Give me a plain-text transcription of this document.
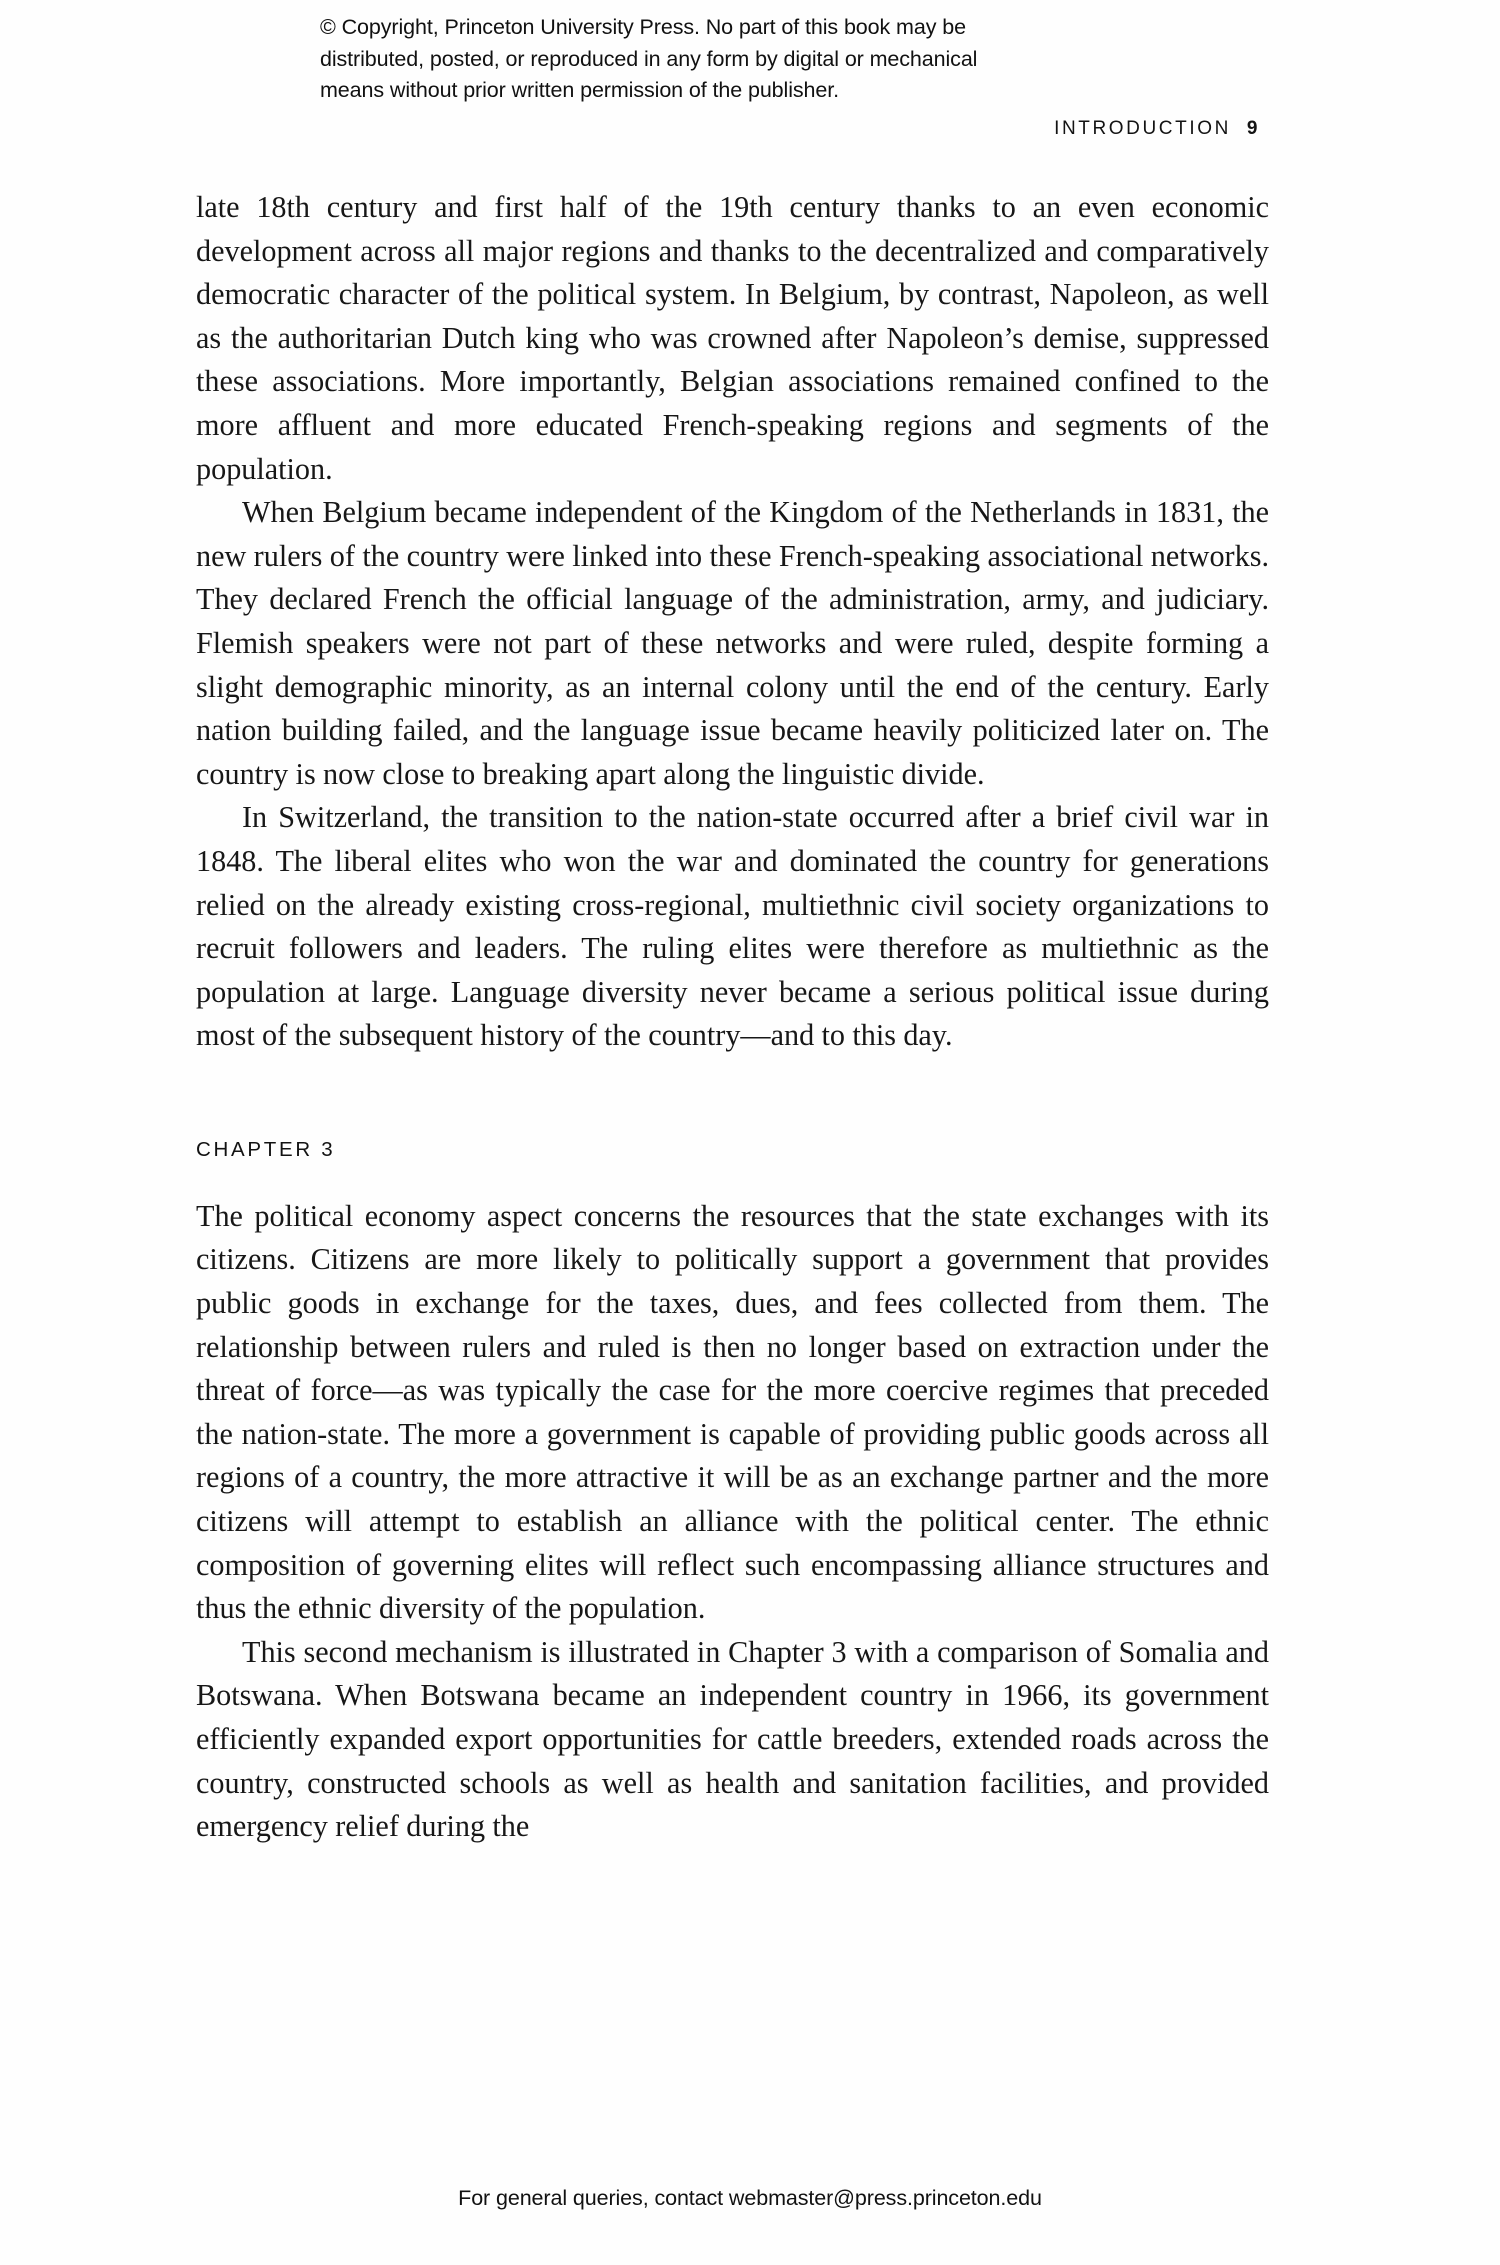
© Copyright, Princeton University Press. No part of this book may be
distributed, posted, or reproduced in any form by digital or mechanical
means without prior written permission of the publisher.
INTRODUCTION 9

late 18th century and first half of the 19th century thanks to an even economic development across all major regions and thanks to the decentralized and comparatively democratic character of the political system. In Belgium, by contrast, Napoleon, as well as the authoritarian Dutch king who was crowned after Napoleon’s demise, suppressed these associations. More importantly, Belgian associations remained confined to the more affluent and more educated French-speaking regions and segments of the population.

When Belgium became independent of the Kingdom of the Netherlands in 1831, the new rulers of the country were linked into these French-speaking associational networks. They declared French the official language of the administration, army, and judiciary. Flemish speakers were not part of these networks and were ruled, despite forming a slight demographic minority, as an internal colony until the end of the century. Early nation building failed, and the language issue became heavily politicized later on. The country is now close to breaking apart along the linguistic divide.

In Switzerland, the transition to the nation-state occurred after a brief civil war in 1848. The liberal elites who won the war and dominated the country for generations relied on the already existing cross-regional, multiethnic civil society organizations to recruit followers and leaders. The ruling elites were therefore as multiethnic as the population at large. Language diversity never became a serious political issue during most of the subsequent history of the country—and to this day.

CHAPTER 3

The political economy aspect concerns the resources that the state exchanges with its citizens. Citizens are more likely to politically support a government that provides public goods in exchange for the taxes, dues, and fees collected from them. The relationship between rulers and ruled is then no longer based on extraction under the threat of force—as was typically the case for the more coercive regimes that preceded the nation-state. The more a government is capable of providing public goods across all regions of a country, the more attractive it will be as an exchange partner and the more citizens will attempt to establish an alliance with the political center. The ethnic composition of governing elites will reflect such encompassing alliance structures and thus the ethnic diversity of the population.

This second mechanism is illustrated in Chapter 3 with a comparison of Somalia and Botswana. When Botswana became an independent country in 1966, its government efficiently expanded export opportunities for cattle breeders, extended roads across the country, constructed schools as well as health and sanitation facilities, and provided emergency relief during the

For general queries, contact webmaster@press.princeton.edu
